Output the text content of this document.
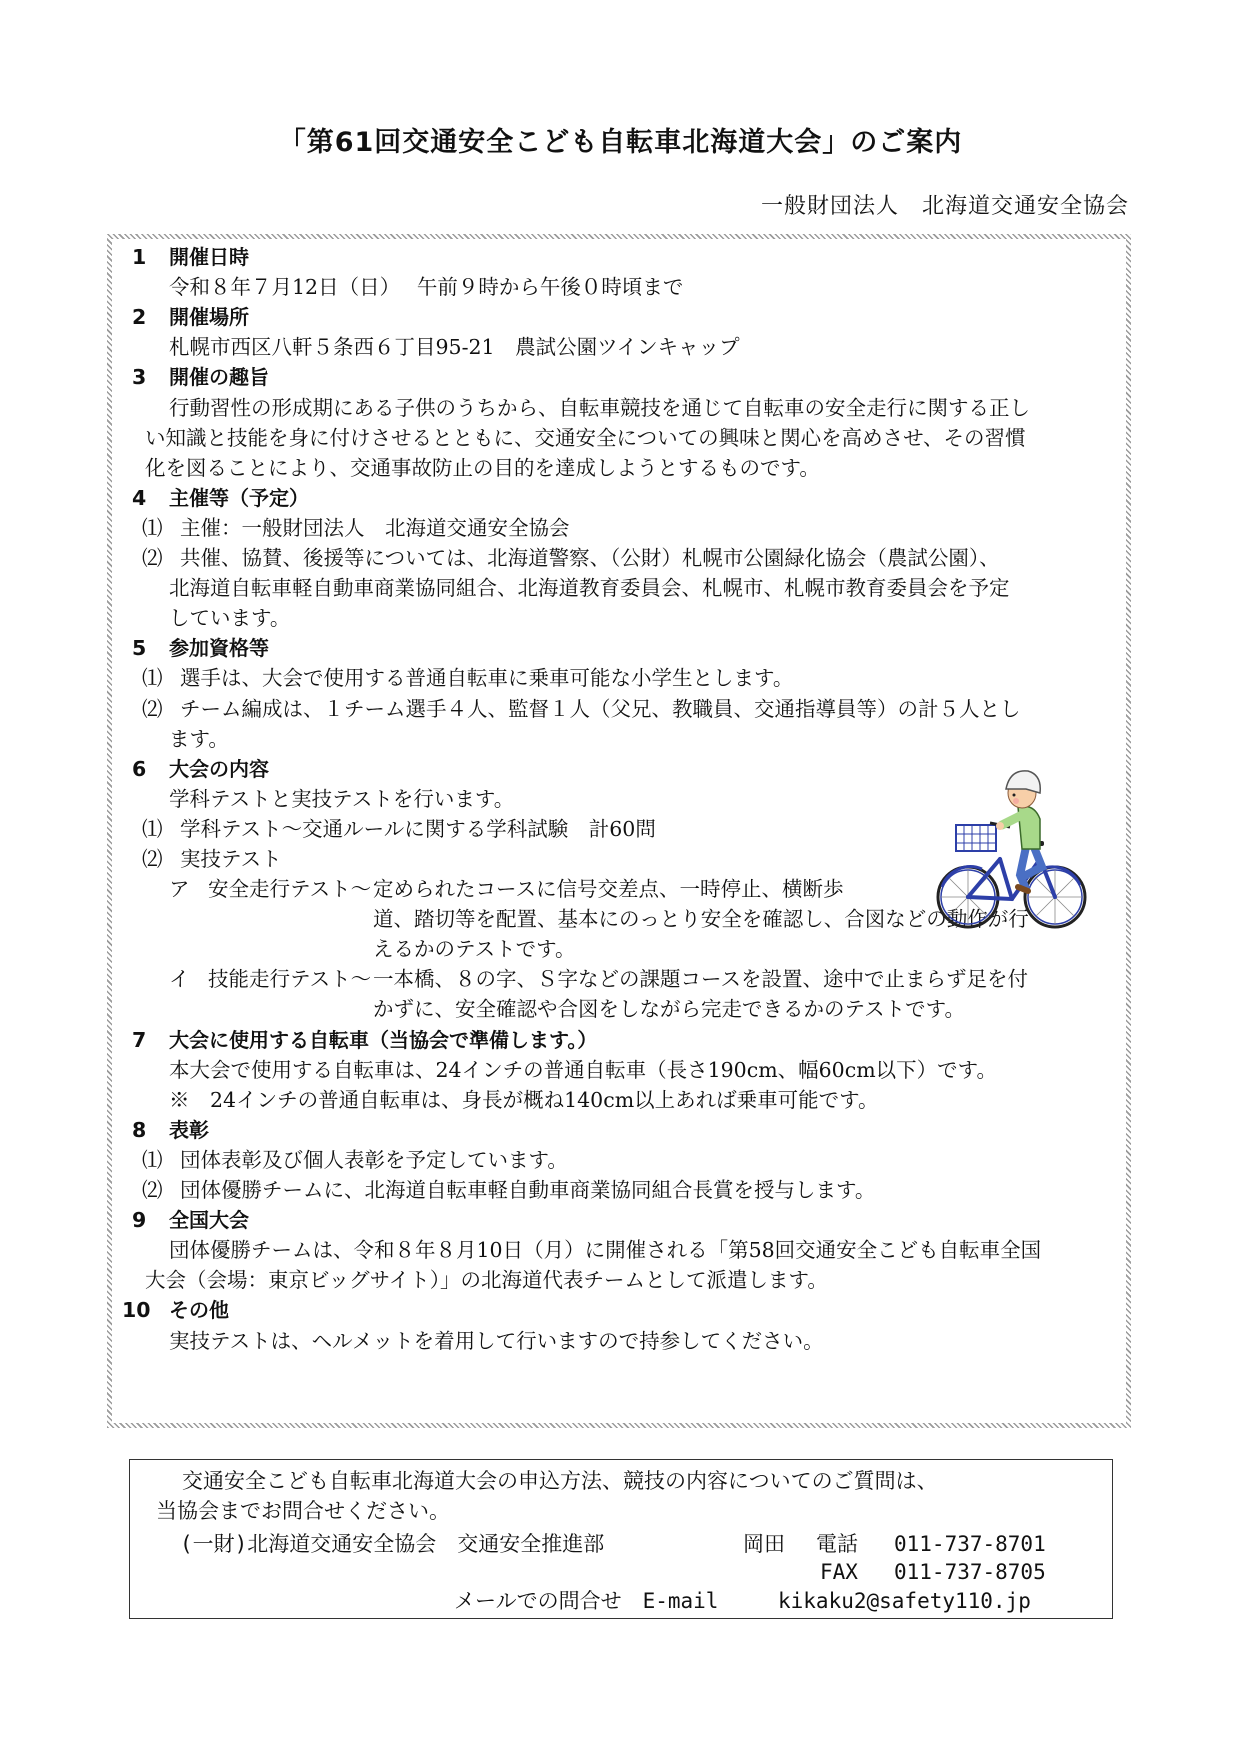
「第61回交通安全こども自転車北海道大会」のご案内
一般財団法人　北海道交通安全協会
1 開催日時
令和８年７月12日（日）　 午前９時から午後０時頃まで
2 開催場所
札幌市西区八軒５条西６丁目95-21　農試公園ツインキャップ
3 開催の趣旨
行動習性の形成期にある子供のうちから、自転車競技を通じて自転車の安全走行に関する正し
い知識と技能を身に付けさせるとともに、交通安全についての興味と関心を高めさせ、その習慣
化を図ることにより、交通事故防止の目的を達成しようとするものです。
4 主催等（予定）
⑴ 主催：一般財団法人　北海道交通安全協会
⑵ 共催、協賛、後援等については、北海道警察、（公財）札幌市公園緑化協会（農試公園）、
北海道自転車軽自動車商業協同組合、北海道教育委員会、札幌市、札幌市教育委員会を予定
しています。
5 参加資格等
⑴ 選手は、大会で使用する普通自転車に乗車可能な小学生とします。
⑵ チーム編成は、１チーム選手４人、監督１人（父兄、教職員、交通指導員等）の計５人とし
ます。
6 大会の内容
学科テストと実技テストを行います。
⑴ 学科テスト～交通ルールに関する学科試験　計60問
⑵ 実技テスト
ア 安全走行テスト～ 定められたコースに信号交差点、一時停止、横断歩
道、踏切等を配置、基本にのっとり安全を確認し、合図などの動作が行
えるかのテストです。
イ 技能走行テスト～ 一本橋、８の字、Ｓ字などの課題コースを設置、途中で止まらず足を付
かずに、安全確認や合図をしながら完走できるかのテストです。
7 大会に使用する自転車（当協会で準備します。）
本大会で使用する自転車は、24インチの普通自転車（長さ190cm、幅60cm以下）です。
※　24インチの普通自転車は、身長が概ね140cm以上あれば乗車可能です。
8 表彰
⑴ 団体表彰及び個人表彰を予定しています。
⑵ 団体優勝チームに、北海道自転車軽自動車商業協同組合長賞を授与します。
9 全国大会
団体優勝チームは、令和８年８月10日（月）に開催される「第58回交通安全こども自転車全国
大会（会場：東京ビッグサイト）」の北海道代表チームとして派遣します。
10 その他
実技テストは、ヘルメットを着用して行いますので持参してください。
交通安全こども自転車北海道大会の申込方法、競技の内容についてのご質問は、
当協会までお問合せください。
(一財)北海道交通安全協会　交通安全推進部	岡田 電話 011-737-8701
FAX 011-737-8705
メールでの問合せ　E-mail	kikaku2@safety110.jp
